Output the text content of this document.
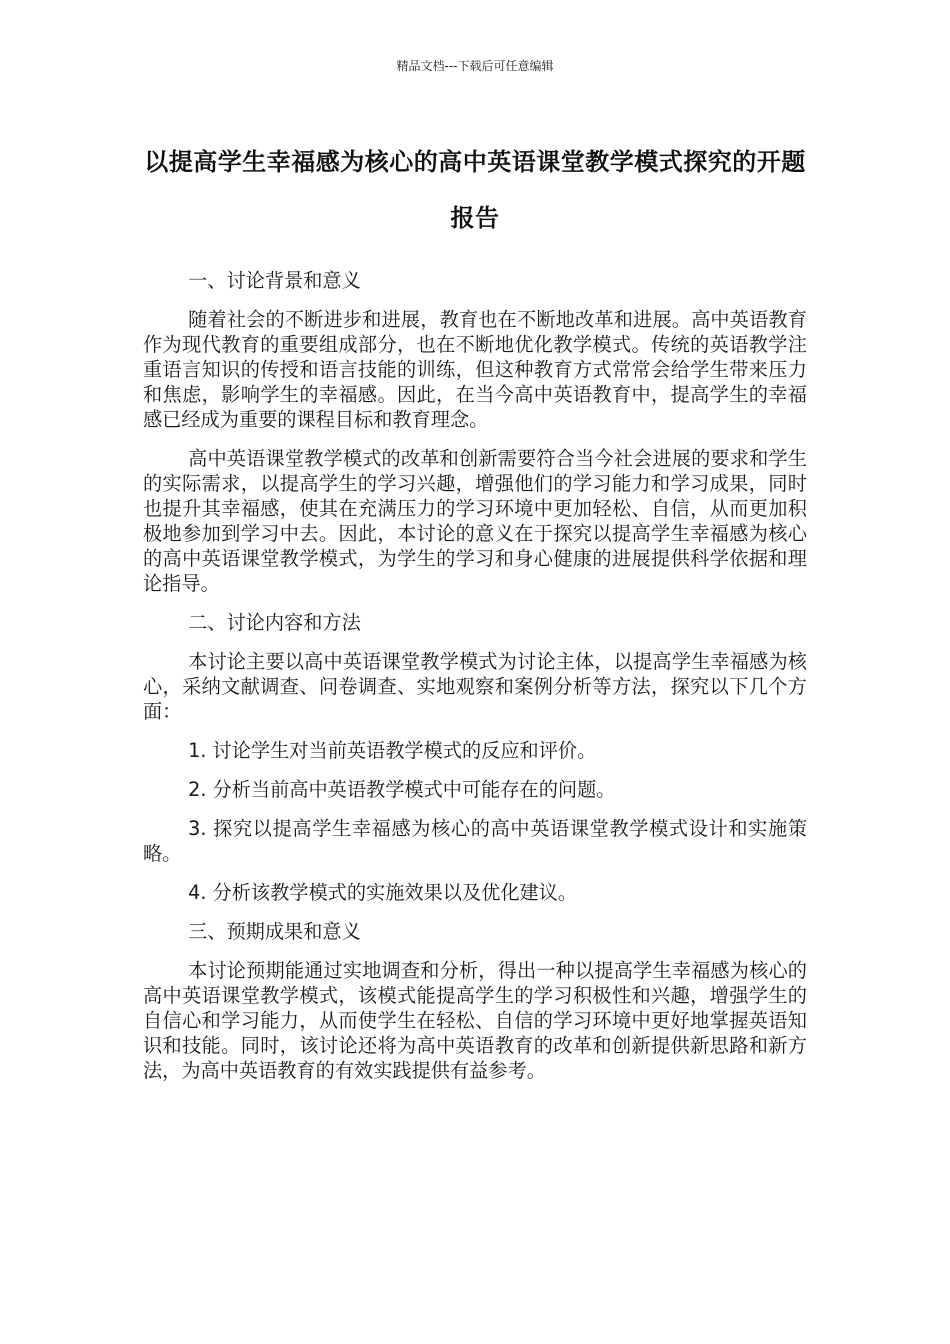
精品文档---下载后可任意编辑
以提高学生幸福感为核心的高中英语课堂教学模式探究的开题报告

一、讨论背景和意义

随着社会的不断进步和进展，教育也在不断地改革和进展。高中英语教育作为现代教育的重要组成部分，也在不断地优化教学模式。传统的英语教学注重语言知识的传授和语言技能的训练，但这种教育方式常常会给学生带来压力和焦虑，影响学生的幸福感。因此，在当今高中英语教育中，提高学生的幸福感已经成为重要的课程目标和教育理念。

高中英语课堂教学模式的改革和创新需要符合当今社会进展的要求和学生的实际需求，以提高学生的学习兴趣，增强他们的学习能力和学习成果，同时也提升其幸福感，使其在充满压力的学习环境中更加轻松、自信，从而更加积极地参加到学习中去。因此，本讨论的意义在于探究以提高学生幸福感为核心的高中英语课堂教学模式，为学生的学习和身心健康的进展提供科学依据和理论指导。

二、讨论内容和方法

本讨论主要以高中英语课堂教学模式为讨论主体，以提高学生幸福感为核心，采纳文献调查、问卷调查、实地观察和案例分析等方法，探究以下几个方面：

1. 讨论学生对当前英语教学模式的反应和评价。

2. 分析当前高中英语教学模式中可能存在的问题。

3. 探究以提高学生幸福感为核心的高中英语课堂教学模式设计和实施策略。

4. 分析该教学模式的实施效果以及优化建议。

三、预期成果和意义

本讨论预期能通过实地调查和分析，得出一种以提高学生幸福感为核心的高中英语课堂教学模式，该模式能提高学生的学习积极性和兴趣，增强学生的自信心和学习能力，从而使学生在轻松、自信的学习环境中更好地掌握英语知识和技能。同时，该讨论还将为高中英语教育的改革和创新提供新思路和新方法，为高中英语教育的有效实践提供有益参考。
